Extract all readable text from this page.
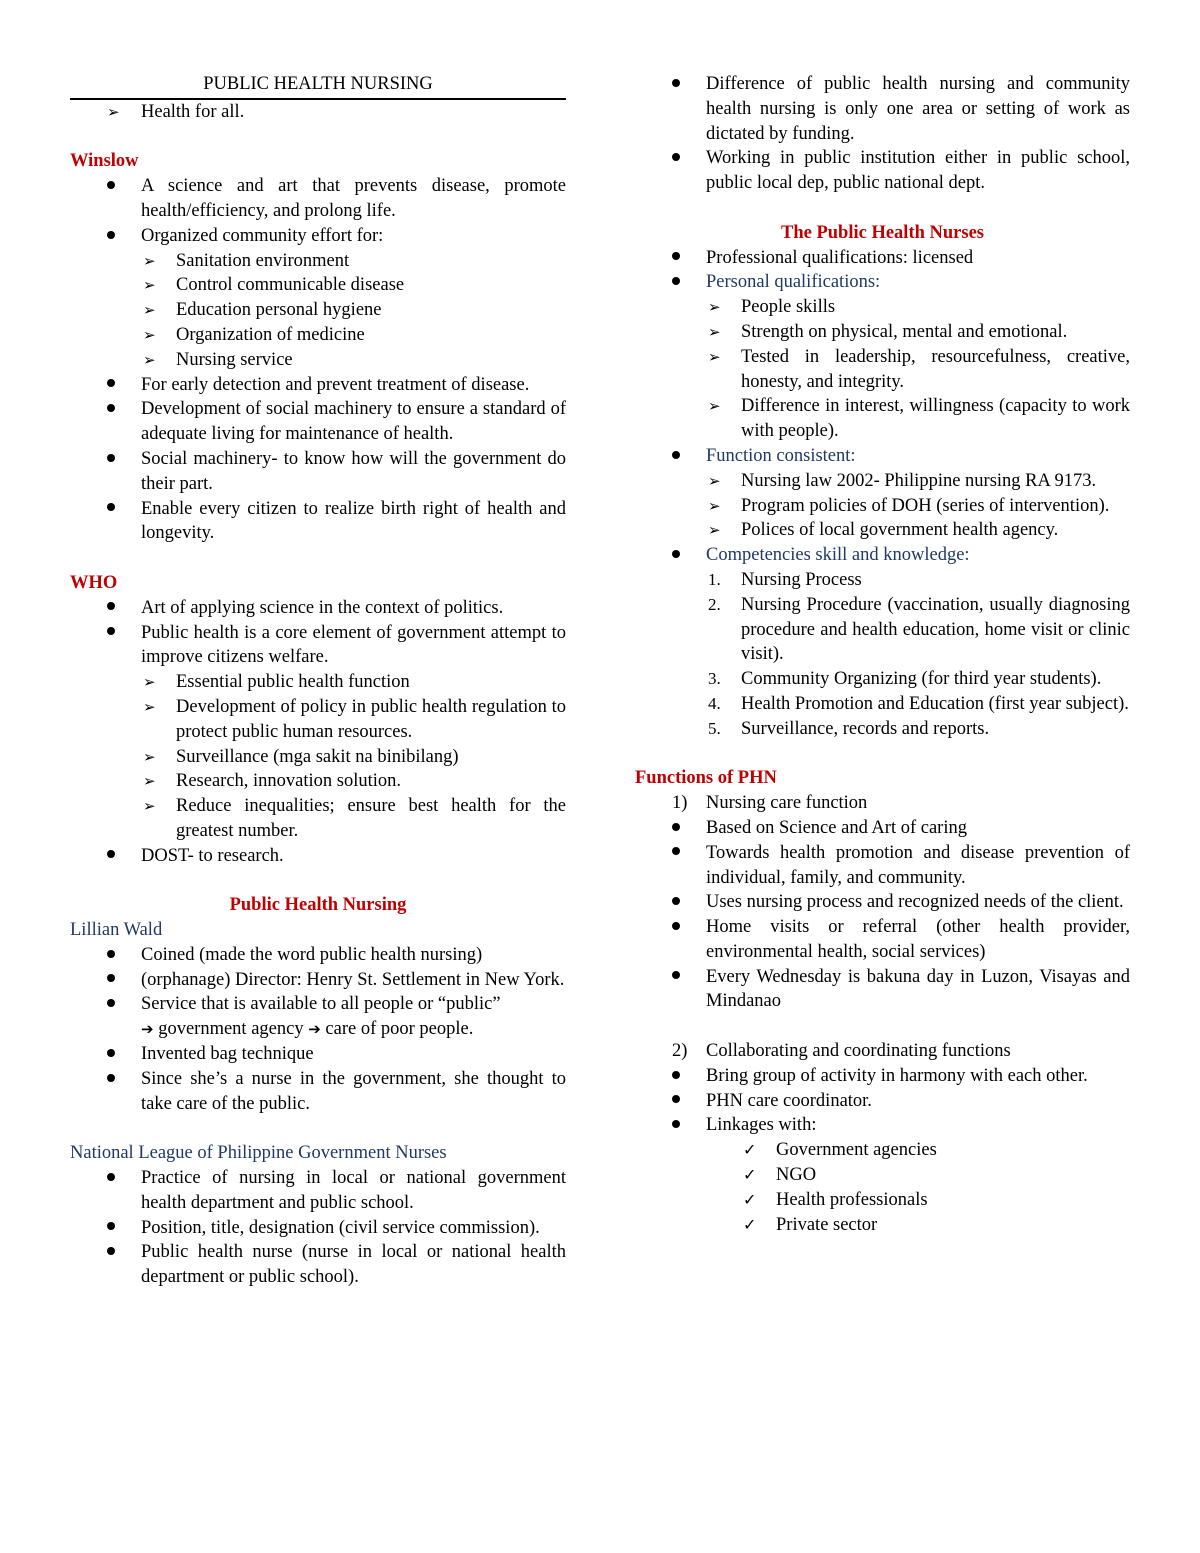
PUBLIC HEALTH NURSING

➢	Health for all.

Winslow

A science and art that prevents disease, promote health/efficiency, and prolong life.
Organized community effort for:
➢	Sanitation environment
➢	Control communicable disease
➢	Education personal hygiene
➢	Organization of medicine
➢	Nursing service
For early detection and prevent treatment of disease.
Development of social machinery to ensure a standard of adequate living for maintenance of health.
Social machinery- to know how will the government do their part.
Enable every citizen to realize birth right of health and longevity.

WHO

Art of applying science in the context of politics.
Public health is a core element of government attempt to improve citizens welfare.
➢	Essential public health function
➢	Development of policy in public health regulation to protect public human resources.
➢	Surveillance (mga sakit na binibilang)
➢	Research, innovation solution.
➢	Reduce inequalities; ensure best health for the greatest number.
DOST- to research.

Public Health Nursing

Lillian Wald

Coined (made the word public health nursing)
(orphanage) Director: Henry St. Settlement in New York.
Service that is available to all people or “public”
➔ government agency ➔ care of poor people.
Invented bag technique
Since she’s a nurse in the government, she thought to take care of the public.

National League of Philippine Government Nurses

Practice of nursing in local or national government health department and public school.
Position, title, designation (civil service commission).
Public health nurse (nurse in local or national health department or public school).
Difference of public health nursing and community health nursing is only one area or setting of work as dictated by funding.
Working in public institution either in public school, public local dep, public national dept.

The Public Health Nurses

Professional qualifications: licensed
Personal qualifications:
➢	People skills
➢	Strength on physical, mental and emotional.
➢	Tested in leadership, resourcefulness, creative, honesty, and integrity.
➢	Difference in interest, willingness (capacity to work with people).
Function consistent:
➢	Nursing law 2002- Philippine nursing RA 9173.
➢	Program policies of DOH (series of intervention).
➢	Polices of local government health agency.
Competencies skill and knowledge:
1.	Nursing Process
2.	Nursing Procedure (vaccination, usually diagnosing procedure and health education, home visit or clinic visit).
3.	Community Organizing (for third year students).
4.	Health Promotion and Education (first year subject).
5.	Surveillance, records and reports.

Functions of PHN

1)	Nursing care function
Based on Science and Art of caring
Towards health promotion and disease prevention of individual, family, and community.
Uses nursing process and recognized needs of the client.
Home visits or referral (other health provider, environmental health, social services)
Every Wednesday is bakuna day in Luzon, Visayas and Mindanao
2)	Collaborating and coordinating functions
Bring group of activity in harmony with each other.
PHN care coordinator.
Linkages with:
✓	Government agencies
✓	NGO
✓	Health professionals
✓	Private sector
